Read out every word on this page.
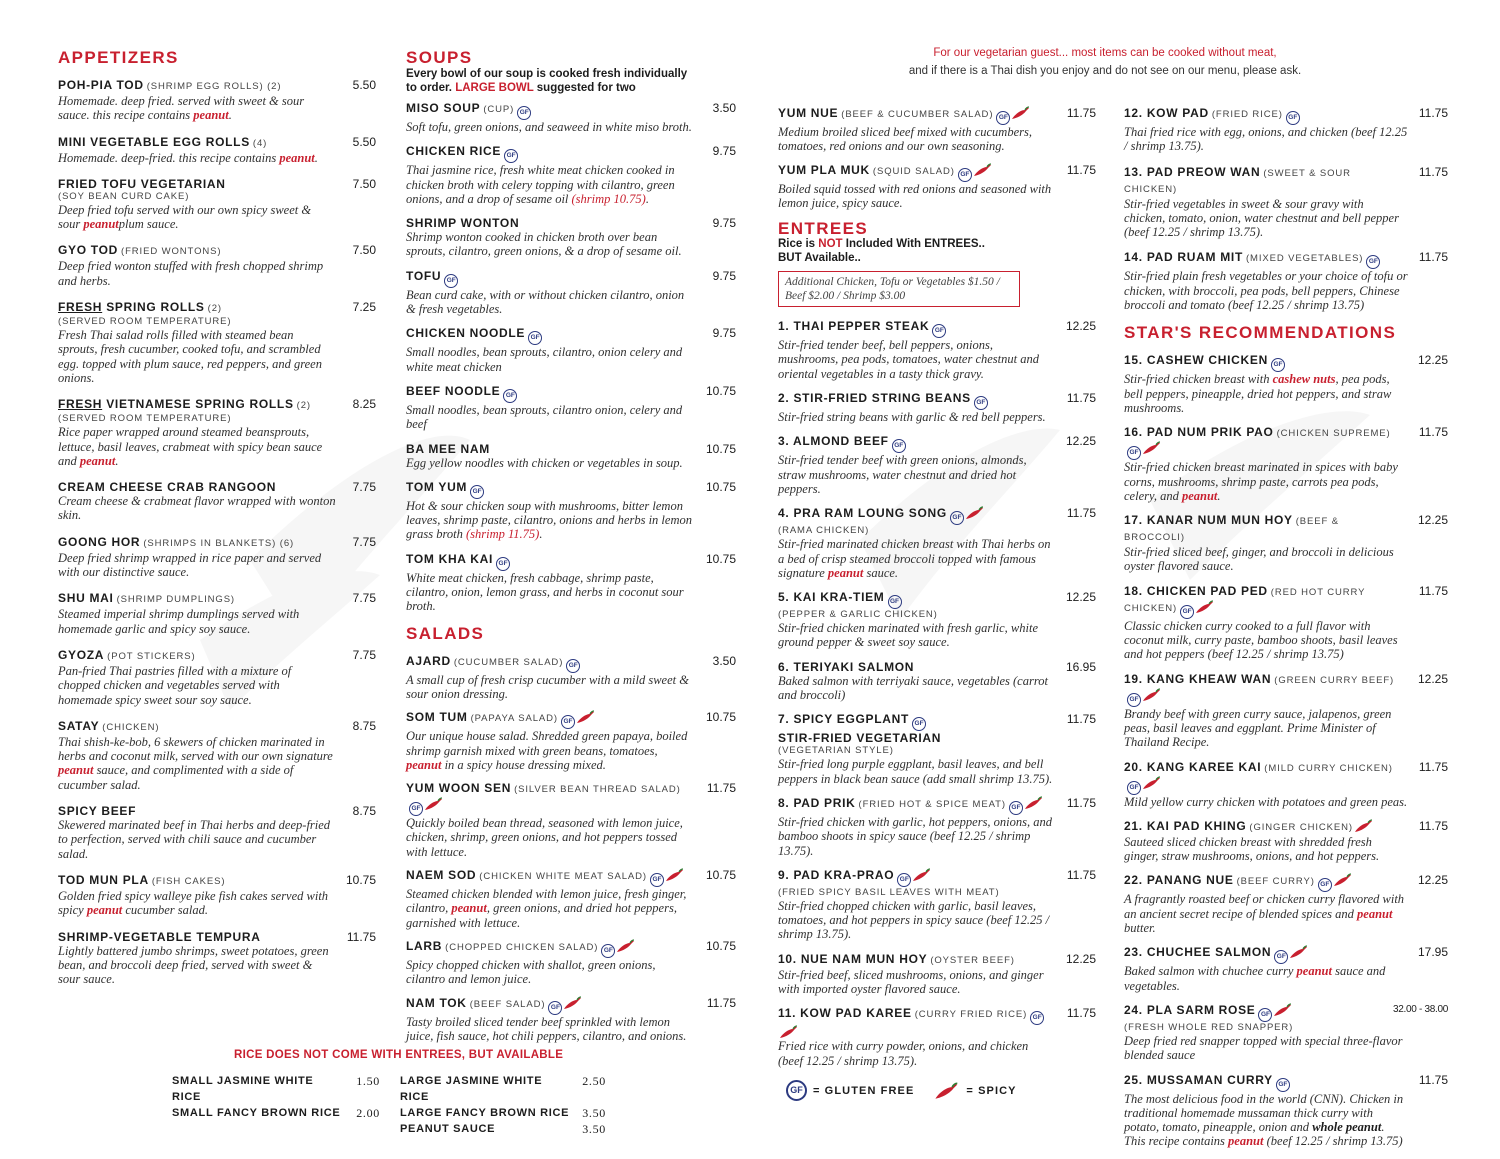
APPETIZERS
POH-PIA TOD (SHRIMP EGG ROLLS) (2)	5.50
Homemade. deep fried. served with sweet & sour sauce. this recipe contains peanut.
MINI VEGETABLE EGG ROLLS (4)	5.50
Homemade. deep-fried. this recipe contains peanut.
FRIED TOFU VEGETARIAN	7.50
(SOY BEAN CURD CAKE)
Deep fried tofu served with our own spicy sweet & sour peanutplum sauce.
GYO TOD (FRIED WONTONS)	7.50
Deep fried wonton stuffed with fresh chopped shrimp and herbs.
FRESH SPRING ROLLS (2)	7.25
(SERVED ROOM TEMPERATURE)
Fresh Thai salad rolls filled with steamed bean sprouts, fresh cucumber, cooked tofu, and scrambled egg. topped with plum sauce, red peppers, and green onions.
FRESH VIETNAMESE SPRING ROLLS (2)	8.25
(SERVED ROOM TEMPERATURE)
Rice paper wrapped around steamed beansprouts, lettuce, basil leaves, crabmeat with spicy bean sauce and peanut.
CREAM CHEESE CRAB RANGOON	7.75
Cream cheese & crabmeat flavor wrapped with wonton skin.
GOONG HOR (SHRIMPS IN BLANKETS) (6)	7.75
Deep fried shrimp wrapped in rice paper and served with our distinctive sauce.
SHU MAI (SHRIMP DUMPLINGS)	7.75
Steamed imperial shrimp dumplings served with homemade garlic and spicy soy sauce.
GYOZA (POT STICKERS)	7.75
Pan-fried Thai pastries filled with a mixture of chopped chicken and vegetables served with homemade spicy sweet sour soy sauce.
SATAY (CHICKEN)	8.75
Thai shish-ke-bob, 6 skewers of chicken marinated in herbs and coconut milk, served with our own signature peanut sauce, and complimented with a side of cucumber salad.
SPICY BEEF	8.75
Skewered marinated beef in Thai herbs and deep-fried to perfection, served with chili sauce and cucumber salad.
TOD MUN PLA (FISH CAKES)	10.75
Golden fried spicy walleye pike fish cakes served with spicy peanut cucumber salad.
SHRIMP-VEGETABLE TEMPURA	11.75
Lightly battered jumbo shrimps, sweet potatoes, green bean, and broccoli deep fried, served with sweet & sour sauce.
RICE DOES NOT COME WITH ENTREES, BUT AVAILABLE
SMALL JASMINE WHITE RICE
1.50
SMALL FANCY BROWN RICE	2.00
LARGE JASMINE WHITE RICE
2.50
LARGE FANCY BROWN RICE	3.50
PEANUT SAUCE	3.50
SOUPS
Every bowl of our soup is cooked fresh individually
to order. LARGE BOWL suggested for two
MISO SOUP (CUP) GF	3.50
Soft tofu, green onions, and seaweed in white miso broth.
CHICKEN RICE GF	9.75
Thai jasmine rice, fresh white meat chicken cooked in chicken broth with celery topping with cilantro, green onions, and a drop of sesame oil (shrimp 10.75).
SHRIMP WONTON	9.75
Shrimp wonton cooked in chicken broth over bean sprouts, cilantro, green onions, & a drop of sesame oil.
TOFU GF	9.75
Bean curd cake, with or without chicken cilantro, onion & fresh vegetables.
CHICKEN NOODLE GF	9.75
Small noodles, bean sprouts, cilantro, onion celery and white meat chicken
BEEF NOODLE GF	10.75
Small noodles, bean sprouts, cilantro onion, celery and beef
BA MEE NAM	10.75
Egg yellow noodles with chicken or vegetables in soup.
TOM YUM GF	10.75
Hot & sour chicken soup with mushrooms, bitter lemon leaves, shrimp paste, cilantro, onions and herbs in lemon grass broth (shrimp 11.75).
TOM KHA KAI GF	10.75
White meat chicken, fresh cabbage, shrimp paste, cilantro, onion, lemon grass, and herbs in coconut sour broth.
SALADS
AJARD (CUCUMBER SALAD) GF	3.50
A small cup of fresh crisp cucumber with a mild sweet & sour onion dressing.
SOM TUM (PAPAYA SALAD) GF	10.75
Our unique house salad. Shredded green papaya, boiled shrimp garnish mixed with green beans, tomatoes, peanut in a spicy house dressing mixed.
YUM WOON SEN (SILVER BEAN THREAD SALAD)GF
11.75
Quickly boiled bean thread, seasoned with lemon juice, chicken, shrimp, green onions, and hot peppers tossed with lettuce.
NAEM SOD (CHICKEN WHITE MEAT SALAD) GF	10.75
Steamed chicken blended with lemon juice, fresh ginger, cilantro, peanut, green onions, and dried hot peppers, garnished with lettuce.
LARB (CHOPPED CHICKEN SALAD) GF	10.75
Spicy chopped chicken with shallot, green onions, cilantro and lemon juice.
NAM TOK (BEEF SALAD) GF	11.75
Tasty broiled sliced tender beef sprinkled with lemon juice, fish sauce, hot chili peppers, cilantro, and onions.
For our vegetarian guest... most items can be cooked without meat,
and if there is a Thai dish you enjoy and do not see on our menu, please ask.
YUM NUE (BEEF & CUCUMBER SALAD) GF	11.75
Medium broiled sliced beef mixed with cucumbers, tomatoes, red onions and our own seasoning.
YUM PLA MUK (SQUID SALAD) GF	11.75
Boiled squid tossed with red onions and seasoned with lemon juice, spicy sauce.
ENTREES
Rice is NOT Included With ENTREES..
BUT Available..
Additional Chicken, Tofu or Vegetables $1.50 / Beef $2.00 / Shrimp $3.00
1. THAI PEPPER STEAK GF	12.25
Stir-fried tender beef, bell peppers, onions, mushrooms, pea pods, tomatoes, water chestnut and oriental vegetables in a tasty thick gravy.
2. STIR-FRIED STRING BEANS GF	11.75
Stir-fried string beans with garlic & red bell peppers.
3. ALMOND BEEF GF	12.25
Stir-fried tender beef with green onions, almonds, straw mushrooms, water chestnut and dried hot peppers.
4. PRA RAM LOUNG SONG GF	11.75
(RAMA CHICKEN)
Stir-fried marinated chicken breast with Thai herbs on a bed of crisp steamed broccoli topped with famous signature peanut sauce.
5. KAI KRA-TIEM GF	12.25
(PEPPER & GARLIC CHICKEN)
Stir-fried chicken marinated with fresh garlic, white ground pepper & sweet soy sauce.
6. TERIYAKI SALMON	16.95
Baked salmon with terriyaki sauce, vegetables (carrot and broccoli)
7. SPICY EGGPLANT GF	11.75
STIR-FRIED VEGETARIAN
(VEGETARIAN STYLE)
Stir-fried long purple eggplant, basil leaves, and bell peppers in black bean sauce (add small shrimp 13.75).
8. PAD PRIK (FRIED HOT & SPICE MEAT) GF	11.75
Stir-fried chicken with garlic, hot peppers, onions, and bamboo shoots in spicy sauce (beef 12.25 / shrimp 13.75).
9. PAD KRA-PRAO GF	11.75
(FRIED SPICY BASIL LEAVES WITH MEAT)
Stir-fried chopped chicken with garlic, basil leaves, tomatoes, and hot peppers in spicy sauce (beef 12.25 / shrimp 13.75).
10. NUE NAM MUN HOY (OYSTER BEEF)	12.25
Stir-fried beef, sliced mushrooms, onions, and ginger with imported oyster flavored sauce.
11. KOW PAD KAREE (CURRY FRIED RICE) GF	11.75
Fried rice with curry powder, onions, and chicken (beef 12.25 / shrimp 13.75).
GF = GLUTEN FREE	= SPICY
12. KOW PAD (FRIED RICE) GF	11.75
Thai fried rice with egg, onions, and chicken (beef 12.25 / shrimp 13.75).
13. PAD PREOW WAN (SWEET & SOUR CHICKEN)
11.75
Stir-fried vegetables in sweet & sour gravy with chicken, tomato, onion, water chestnut and bell pepper (beef 12.25 / shrimp 13.75).
14. PAD RUAM MIT (MIXED VEGETABLES) GF	11.75
Stir-fried plain fresh vegetables or your choice of tofu or chicken, with broccoli, pea pods, bell peppers, Chinese broccoli and tomato (beef 12.25 / shrimp 13.75)
STAR'S RECOMMENDATIONS
15. CASHEW CHICKEN GF	12.25
Stir-fried chicken breast with cashew nuts, pea pods, bell peppers, pineapple, dried hot peppers, and straw mushrooms.
16. PAD NUM PRIK PAO (CHICKEN SUPREME)GF
11.75
Stir-fried chicken breast marinated in spices with baby corns, mushrooms, shrimp paste, carrots pea pods, celery, and peanut.
17. KANAR NUM MUN HOY (BEEF & BROCCOLI)
12.25
Stir-fried sliced beef, ginger, and broccoli in delicious oyster flavored sauce.
18. CHICKEN PAD PED (RED HOT CURRY CHICKEN) GF
11.75
Classic chicken curry cooked to a full flavor with coconut milk, curry paste, bamboo shoots, basil leaves and hot peppers (beef 12.25 / shrimp 13.75)
19. KANG KHEAW WAN (GREEN CURRY BEEF)GF
12.25
Brandy beef with green curry sauce, jalapenos, green peas, basil leaves and eggplant. Prime Minister of Thailand Recipe.
20. KANG KAREE KAI (MILD CURRY CHICKEN)GF
11.75
Mild yellow curry chicken with potatoes and green peas.
21. KAI PAD KHING (GINGER CHICKEN)	11.75
Sauteed sliced chicken breast with shredded fresh ginger, straw mushrooms, onions, and hot peppers.
22. PANANG NUE (BEEF CURRY) GF	12.25
A fragrantly roasted beef or chicken curry flavored with an ancient secret recipe of blended spices and peanut butter.
23. CHUCHEE SALMON GF	17.95
Baked salmon with chuchee curry peanut sauce and vegetables.
24. PLA SARM ROSE GF	32.00 - 38.00
(FRESH WHOLE RED SNAPPER)
Deep fried red snapper topped with special three-flavor blended sauce
25. MUSSAMAN CURRY GF	11.75
The most delicious food in the world (CNN). Chicken in traditional homemade mussaman thick curry with potato, tomato, pineapple, onion and whole peanut. This recipe contains peanut (beef 12.25 / shrimp 13.75)
